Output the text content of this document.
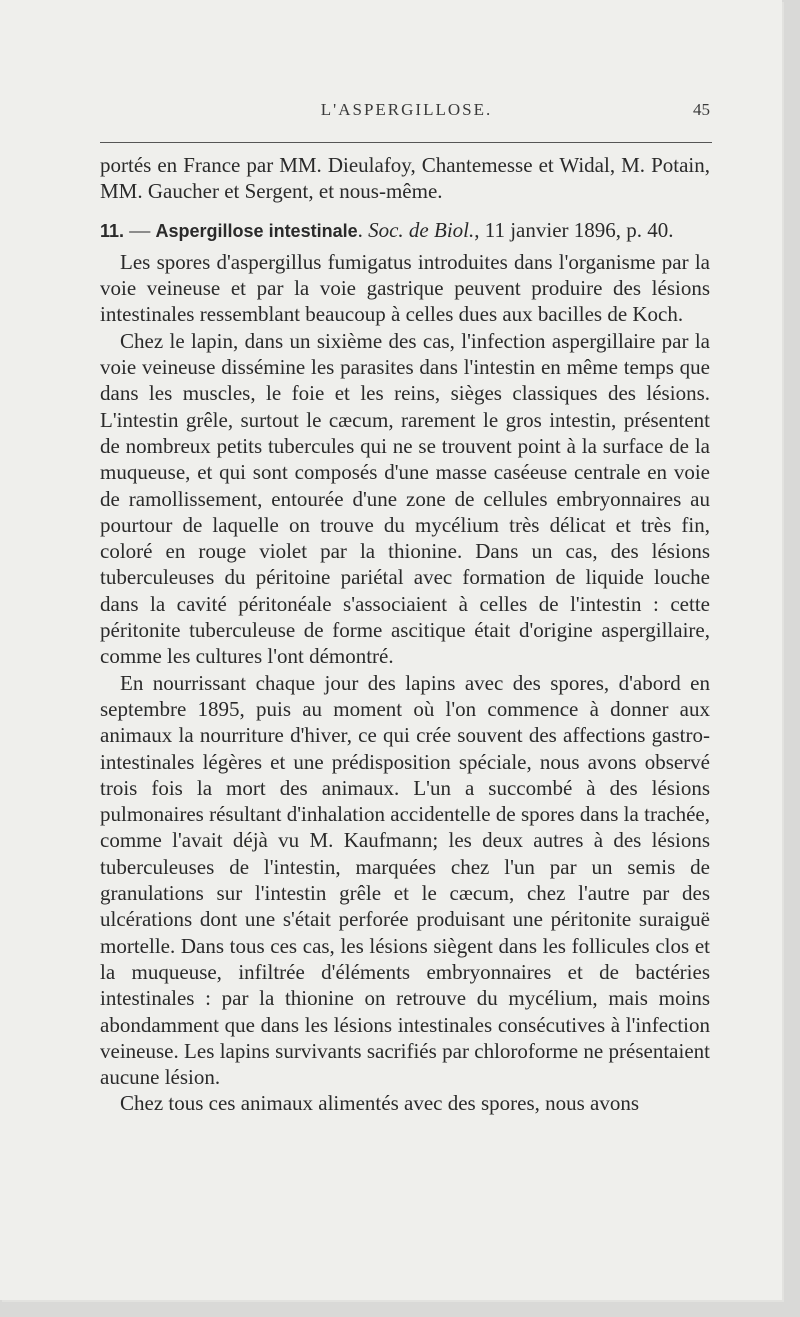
L'ASPERGILLOSE.	45

portés en France par MM. Dieulafoy, Chantemesse et Widal, M. Potain, MM. Gaucher et Sergent, et nous-même.

11. — Aspergillose intestinale. Soc. de Biol., 11 janvier 1896, p. 40.

Les spores d'aspergillus fumigatus introduites dans l'organisme par la voie veineuse et par la voie gastrique peuvent produire des lésions intestinales ressemblant beaucoup à celles dues aux bacilles de Koch.

Chez le lapin, dans un sixième des cas, l'infection aspergillaire par la voie veineuse dissémine les parasites dans l'intestin en même temps que dans les muscles, le foie et les reins, sièges classiques des lésions. L'intestin grêle, surtout le cæcum, rarement le gros intestin, présentent de nombreux petits tubercules qui ne se trouvent point à la surface de la muqueuse, et qui sont composés d'une masse caséeuse centrale en voie de ramollissement, entourée d'une zone de cellules embryonnaires au pourtour de laquelle on trouve du mycélium très délicat et très fin, coloré en rouge violet par la thionine. Dans un cas, des lésions tuberculeuses du péritoine pariétal avec formation de liquide louche dans la cavité péritonéale s'associaient à celles de l'intestin : cette péritonite tuberculeuse de forme ascitique était d'origine aspergillaire, comme les cultures l'ont démontré.

En nourrissant chaque jour des lapins avec des spores, d'abord en septembre 1895, puis au moment où l'on commence à donner aux animaux la nourriture d'hiver, ce qui crée souvent des affections gastro-intestinales légères et une prédisposition spéciale, nous avons observé trois fois la mort des animaux. L'un a succombé à des lésions pulmonaires résultant d'inhalation accidentelle de spores dans la trachée, comme l'avait déjà vu M. Kaufmann; les deux autres à des lésions tuberculeuses de l'intestin, marquées chez l'un par un semis de granulations sur l'intestin grêle et le cæcum, chez l'autre par des ulcérations dont une s'était perforée produisant une péritonite suraiguë mortelle. Dans tous ces cas, les lésions siègent dans les follicules clos et la muqueuse, infiltrée d'éléments embryonnaires et de bactéries intestinales : par la thionine on retrouve du mycélium, mais moins abondamment que dans les lésions intestinales consécutives à l'infection veineuse. Les lapins survivants sacrifiés par chloroforme ne présentaient aucune lésion.

Chez tous ces animaux alimentés avec des spores, nous avons
